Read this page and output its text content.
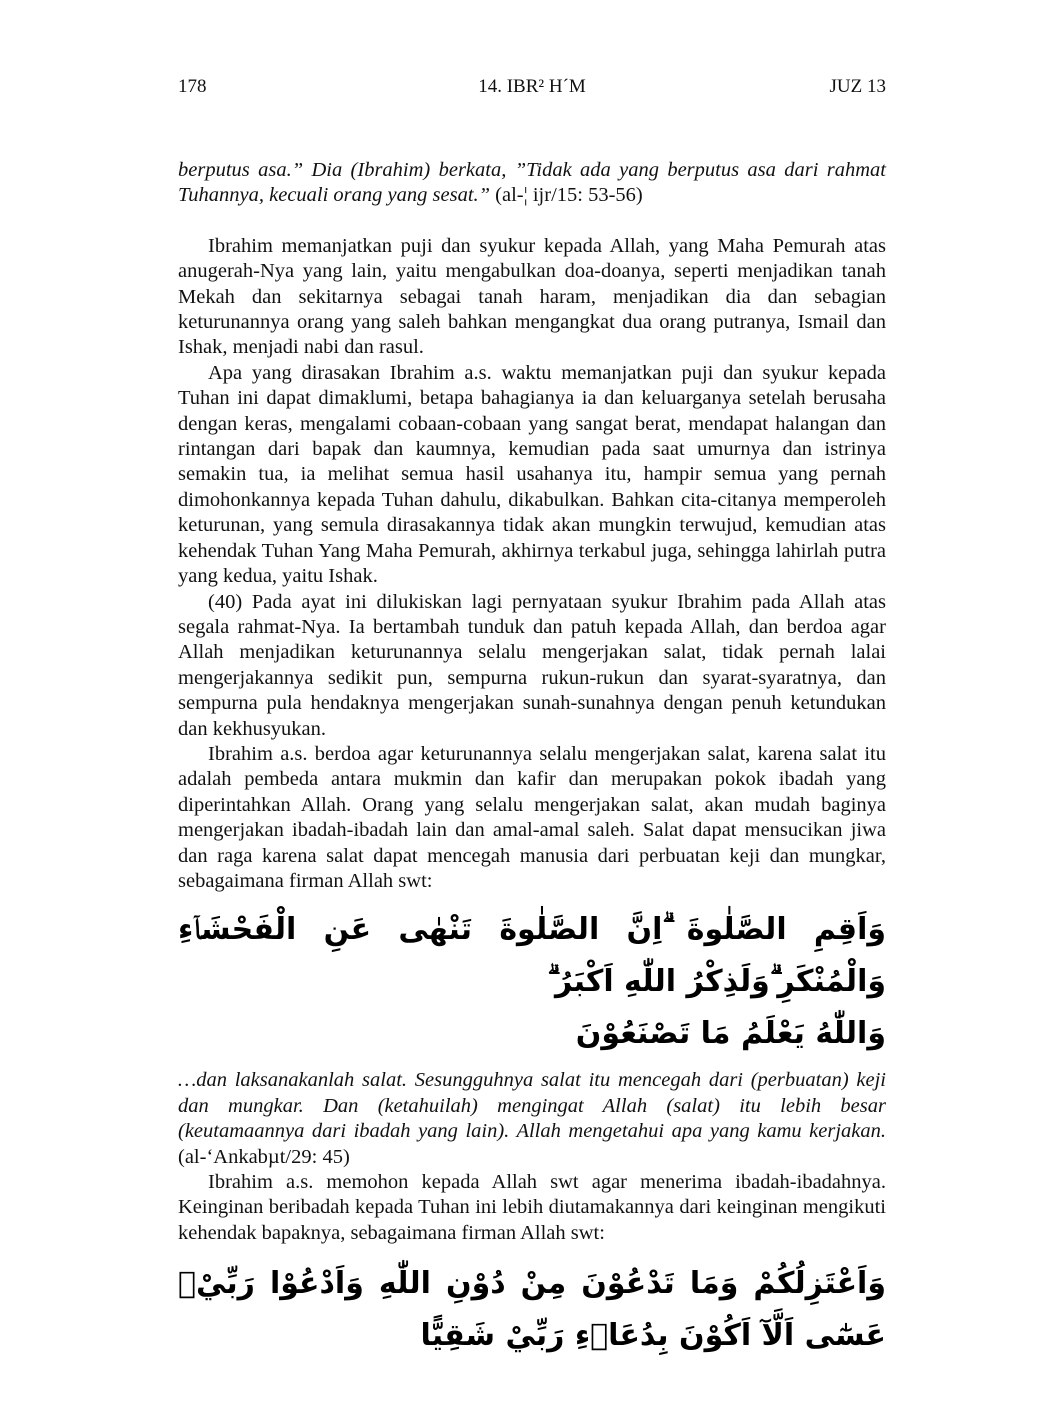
178	14. IBR² H´M	JUZ 13

berputus asa.” Dia (Ibrahim) berkata, ”Tidak ada yang berputus asa dari rahmat Tuhannya, kecuali orang yang sesat.” (al-¦ ijr/15: 53-56)

Ibrahim memanjatkan puji dan syukur kepada Allah, yang Maha Pemurah atas anugerah-Nya yang lain, yaitu mengabulkan doa-doanya, seperti menjadikan tanah Mekah dan sekitarnya sebagai tanah haram, menjadikan dia dan sebagian keturunannya orang yang saleh bahkan mengangkat dua orang putranya, Ismail dan Ishak, menjadi nabi dan rasul.

Apa yang dirasakan Ibrahim a.s. waktu memanjatkan puji dan syukur kepada Tuhan ini dapat dimaklumi, betapa bahagianya ia dan keluarganya setelah berusaha dengan keras, mengalami cobaan-cobaan yang sangat berat, mendapat halangan dan rintangan dari bapak dan kaumnya, kemudian pada saat umurnya dan istrinya semakin tua, ia melihat semua hasil usahanya itu, hampir semua yang pernah dimohonkannya kepada Tuhan dahulu, dikabulkan. Bahkan cita-citanya memperoleh keturunan, yang semula dirasakannya tidak akan mungkin terwujud, kemudian atas kehendak Tuhan Yang Maha Pemurah, akhirnya terkabul juga, sehingga lahirlah putra yang kedua, yaitu Ishak.

(40) Pada ayat ini dilukiskan lagi pernyataan syukur Ibrahim pada Allah atas segala rahmat-Nya. Ia bertambah tunduk dan patuh kepada Allah, dan berdoa agar Allah menjadikan keturunannya selalu mengerjakan salat, tidak pernah lalai mengerjakannya sedikit pun, sempurna rukun-rukun dan syarat-syaratnya, dan sempurna pula hendaknya mengerjakan sunah-sunahnya dengan penuh ketundukan dan kekhusyukan.

Ibrahim a.s. berdoa agar keturunannya selalu mengerjakan salat, karena salat itu adalah pembeda antara mukmin dan kafir dan merupakan pokok ibadah yang diperintahkan Allah. Orang yang selalu mengerjakan salat, akan mudah baginya mengerjakan ibadah-ibadah lain dan amal-amal saleh. Salat dapat mensucikan jiwa dan raga karena salat dapat mencegah manusia dari perbuatan keji dan mungkar, sebagaimana firman Allah swt:

وَاَقِمِ الصَّلٰوةَ ۗاِنَّ الصَّلٰوةَ تَنْهٰى عَنِ الْفَحْشَاۤءِ وَالْمُنْكَرِ ۗوَلَذِكْرُ اللّٰهِ اَكْبَرُ ۗ
وَاللّٰهُ يَعْلَمُ مَا تَصْنَعُوْنَ

…dan laksanakanlah salat. Sesungguhnya salat itu mencegah dari (perbuatan) keji dan mungkar. Dan (ketahuilah) mengingat Allah (salat) itu lebih besar (keutamaannya dari ibadah yang lain). Allah mengetahui apa yang kamu kerjakan. (al-‘Ankabµt/29: 45)

Ibrahim a.s. memohon kepada Allah swt agar menerima ibadah-ibadahnya. Keinginan beribadah kepada Tuhan ini lebih diutamakannya dari keinginan mengikuti kehendak bapaknya, sebagaimana firman Allah swt:

وَاَعْتَزِلُكُمْ وَمَا تَدْعُوْنَ مِنْ دُوْنِ اللّٰهِ وَاَدْعُوْا رَبِّيْۖ عَسٰٓى اَلَّآ اَكُوْنَ بِدُعَاۤءِ رَبِّيْ شَقِيًّا
